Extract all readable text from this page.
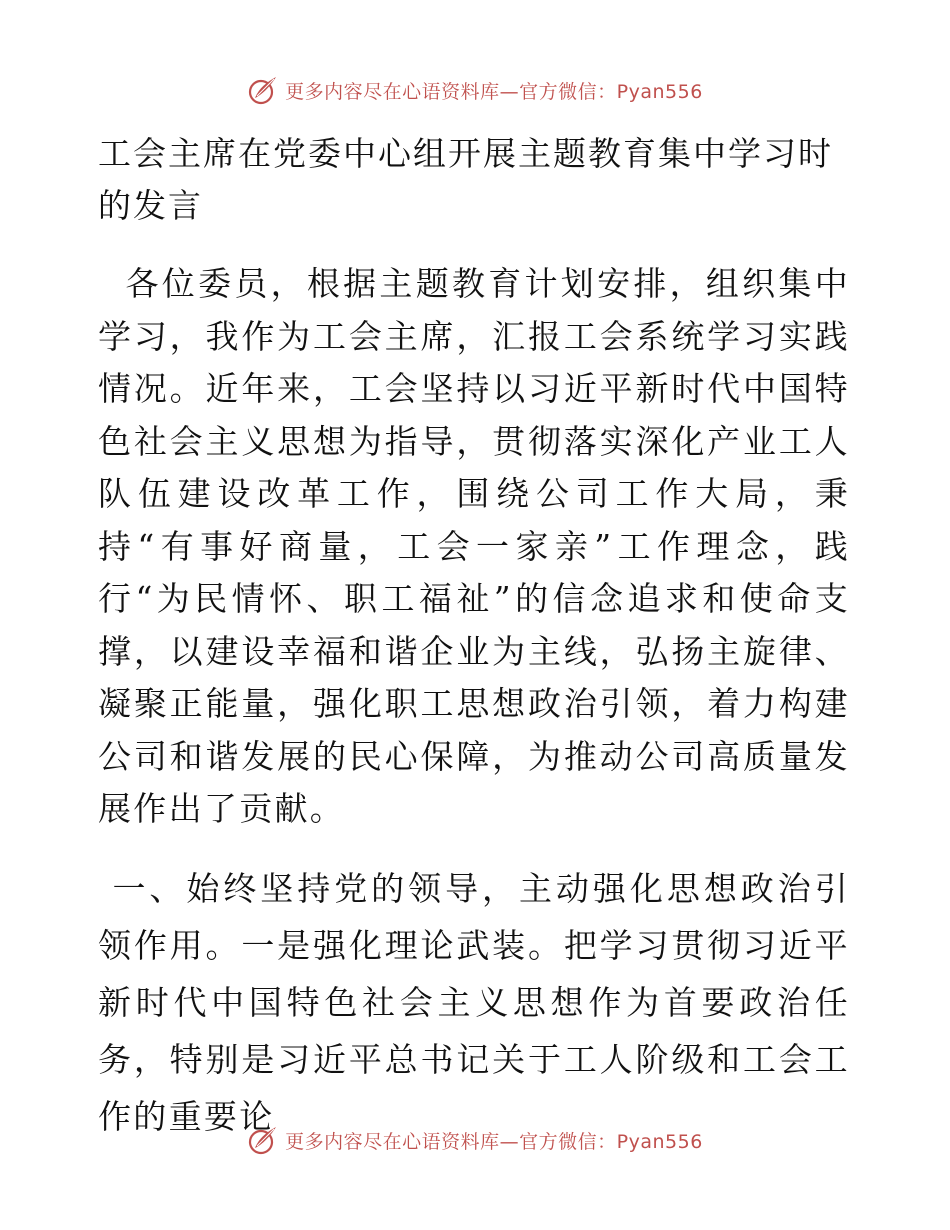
更多内容尽在心语资料库—官方微信：Pyan556
工会主席在党委中心组开展主题教育集中学习时的发言

各位委员，根据主题教育计划安排，组织集中学习，我作为工会主席，汇报工会系统学习实践情况。近年来，工会坚持以习近平新时代中国特色社会主义思想为指导，贯彻落实深化产业工人队伍建设改革工作，围绕公司工作大局，秉持“有事好商量，工会一家亲”工作理念，践行“为民情怀、职工福祉”的信念追求和使命支撑，以建设幸福和谐企业为主线，弘扬主旋律、凝聚正能量，强化职工思想政治引领，着力构建公司和谐发展的民心保障，为推动公司高质量发展作出了贡献。

一、始终坚持党的领导，主动强化思想政治引领作用。一是强化理论武装。把学习贯彻习近平新时代中国特色社会主义思想作为首要政治任务，特别是习近平总书记关于工人阶级和工会工作的重要论

更多内容尽在心语资料库—官方微信：Pyan556
